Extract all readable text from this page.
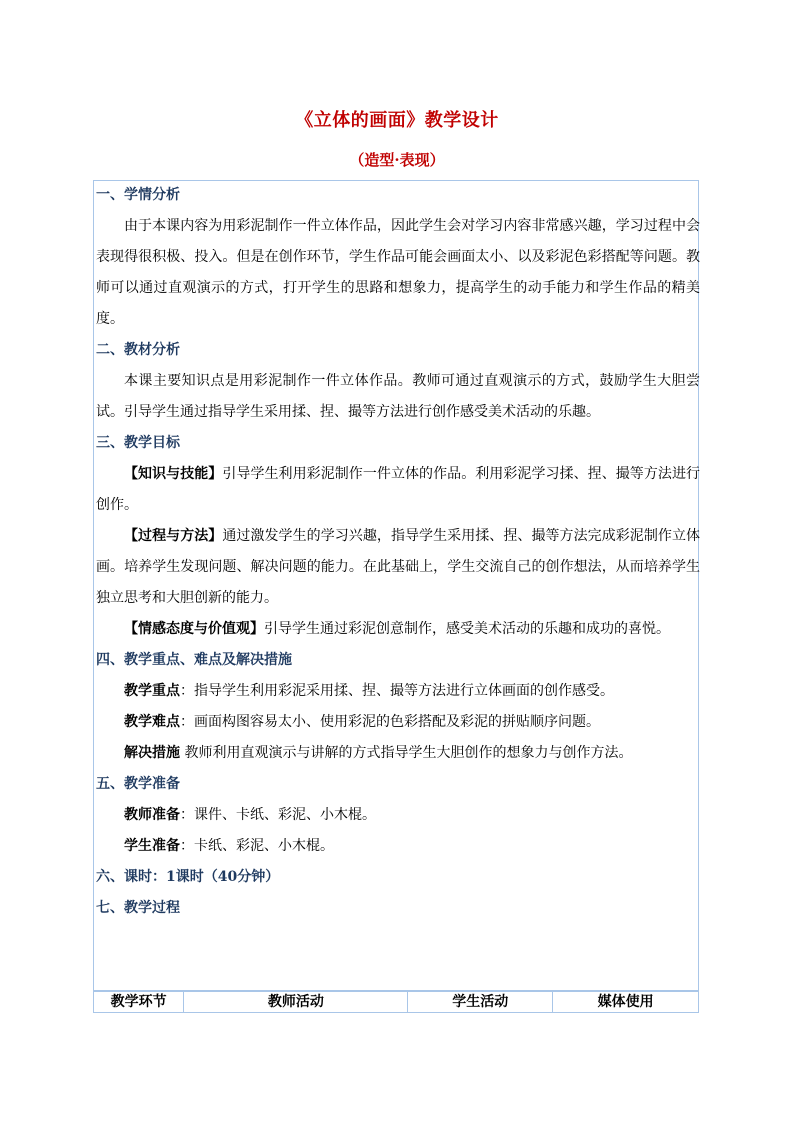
《立体的画面》教学设计
（造型·表现）

一、学情分析

由于本课内容为用彩泥制作一件立体作品，因此学生会对学习内容非常感兴趣，学习过程中会表现得很积极、投入。但是在创作环节，学生作品可能会画面太小、以及彩泥色彩搭配等问题。教师可以通过直观演示的方式，打开学生的思路和想象力，提高学生的动手能力和学生作品的精美度。

二、教材分析

本课主要知识点是用彩泥制作一件立体作品。教师可通过直观演示的方式，鼓励学生大胆尝试。引导学生通过指导学生采用揉、捏、撮等方法进行创作感受美术活动的乐趣。

三、教学目标

【知识与技能】引导学生利用彩泥制作一件立体的作品。利用彩泥学习揉、捏、撮等方法进行创作。

【过程与方法】通过激发学生的学习兴趣，指导学生采用揉、捏、撮等方法完成彩泥制作立体画。培养学生发现问题、解决问题的能力。在此基础上，学生交流自己的创作想法，从而培养学生独立思考和大胆创新的能力。

【情感态度与价值观】引导学生通过彩泥创意制作，感受美术活动的乐趣和成功的喜悦。

四、教学重点、难点及解决措施

教学重点：指导学生利用彩泥采用揉、捏、撮等方法进行立体画面的创作感受。

教学难点：画面构图容易太小、使用彩泥的色彩搭配及彩泥的拼贴顺序问题。

解决措施 教师利用直观演示与讲解的方式指导学生大胆创作的想象力与创作方法。

五、教学准备

教师准备：课件、卡纸、彩泥、小木棍。

学生准备：卡纸、彩泥、小木棍。

六、课时：1课时（40分钟）

七、教学过程

教学环节	教师活动	学生活动	媒体使用
